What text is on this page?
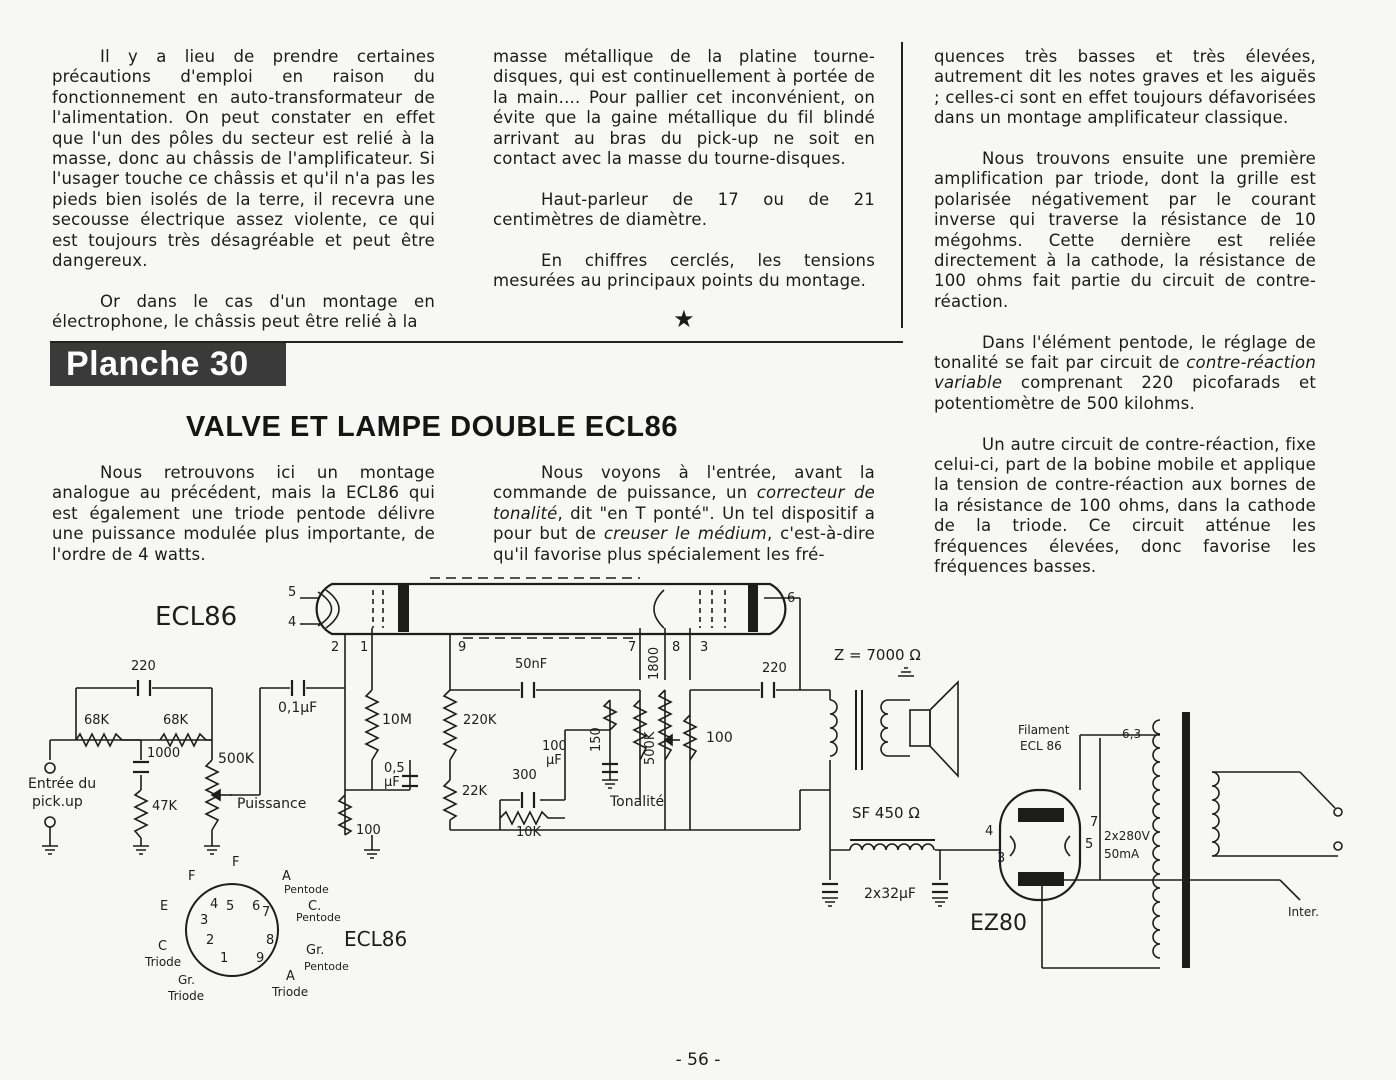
Il y a lieu de prendre certaines précautions d'emploi en raison du fonctionnement en auto-transformateur de l'alimentation. On peut constater en effet que l'un des pôles du secteur est relié à la masse, donc au châssis de l'amplificateur. Si l'usager touche ce châssis et qu'il n'a pas les pieds bien isolés de la terre, il recevra une secousse électrique assez violente, ce qui est toujours très désagréable et peut être dangereux.

Or dans le cas d'un montage en électrophone, le châssis peut être relié à la

masse métallique de la platine tourne-disques, qui est continuellement à portée de la main.... Pour pallier cet inconvénient, on évite que la gaine métallique du fil blindé arrivant au bras du pick-up ne soit en contact avec la masse du tourne-disques.

Haut-parleur de 17 ou de 21 centimètres de diamètre.

En chiffres cerclés, les tensions mesurées au principaux points du montage.

★

quences très basses et très élevées, autrement dit les notes graves et les aiguës ; celles-ci sont en effet toujours défavorisées dans un montage amplificateur classique.

Nous trouvons ensuite une première amplification par triode, dont la grille est polarisée négativement par le courant inverse qui traverse la résistance de 10 mégohms. Cette dernière est reliée directement à la cathode, la résistance de 100 ohms fait partie du circuit de contre-réaction.

Dans l'élément pentode, le réglage de tonalité se fait par circuit de contre-réaction variable comprenant 220 picofarads et potentiomètre de 500 kilohms.

Un autre circuit de contre-réaction, fixe celui-ci, part de la bobine mobile et applique la tension de contre-réaction aux bornes de la résistance de 100 ohms, dans la cathode de la triode. Ce circuit atténue les fréquences élevées, donc favorise les fréquences basses.

Planche 30
VALVE ET LAMPE DOUBLE ECL86

Nous retrouvons ici un montage analogue au précédent, mais la ECL86 qui est également une triode pentode délivre une puissance modulée plus importante, de l'ordre de 4 watts.

Nous voyons à l'entrée, avant la commande de puissance, un correcteur de tonalité, dit "en T ponté". Un tel dispositif a pour but de creuser le médium, c'est-à-dire qu'il favorise plus spécialement les fré-

ECL86
5
4
2 1	9	7	8 3
6
220
68K	68K
1000
Entrée du
pick.up	47K
500K
Puissance
0,1μF
10M
0,5
μF
100
220K
22K
50nF
300
10K
100
μF
150
1800
500K
Tonalité
100
220
Z = 7000 Ω
SF 450 Ω
2x32μF
Filament
ECL 86
6,3
2x280V
50mA
4
5
7
3
EZ80	Inter.
F
F	A
E
C
C.
Pentode
Pentode
Triode
Gr.
Triode
Gr.
Pentode
A
Triode
ECL86
5
4	6 7
3
2	8
1 9
- 56 -
